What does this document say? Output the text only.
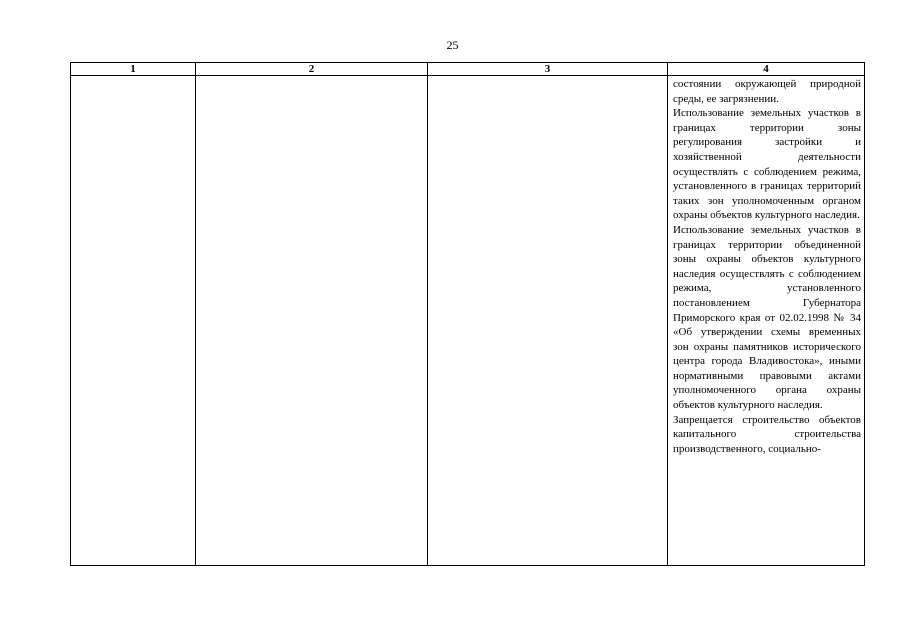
25
1	2	3	4

			состоянии окружающей природной среды, ее загрязнении.

Использование земельных участков в границах территории зоны регулирования застройки и хозяйственной деятельности осуществлять с соблюдением режима, установленного в границах территорий таких зон уполномоченным органом охраны объектов культурного наследия.

Использование земельных участков в границах территории объединенной зоны охраны объектов культурного наследия осуществлять с соблюдением режима, установленного постановлением Губернатора Приморского края от 02.02.1998 № 34 «Об утверждении схемы временных зон охраны памятников исторического центра города Владивостока», иными нормативными правовыми актами уполномоченного органа охраны объектов культурного наследия.

Запрещается строительство объектов капитального строительства производственного, социально-
